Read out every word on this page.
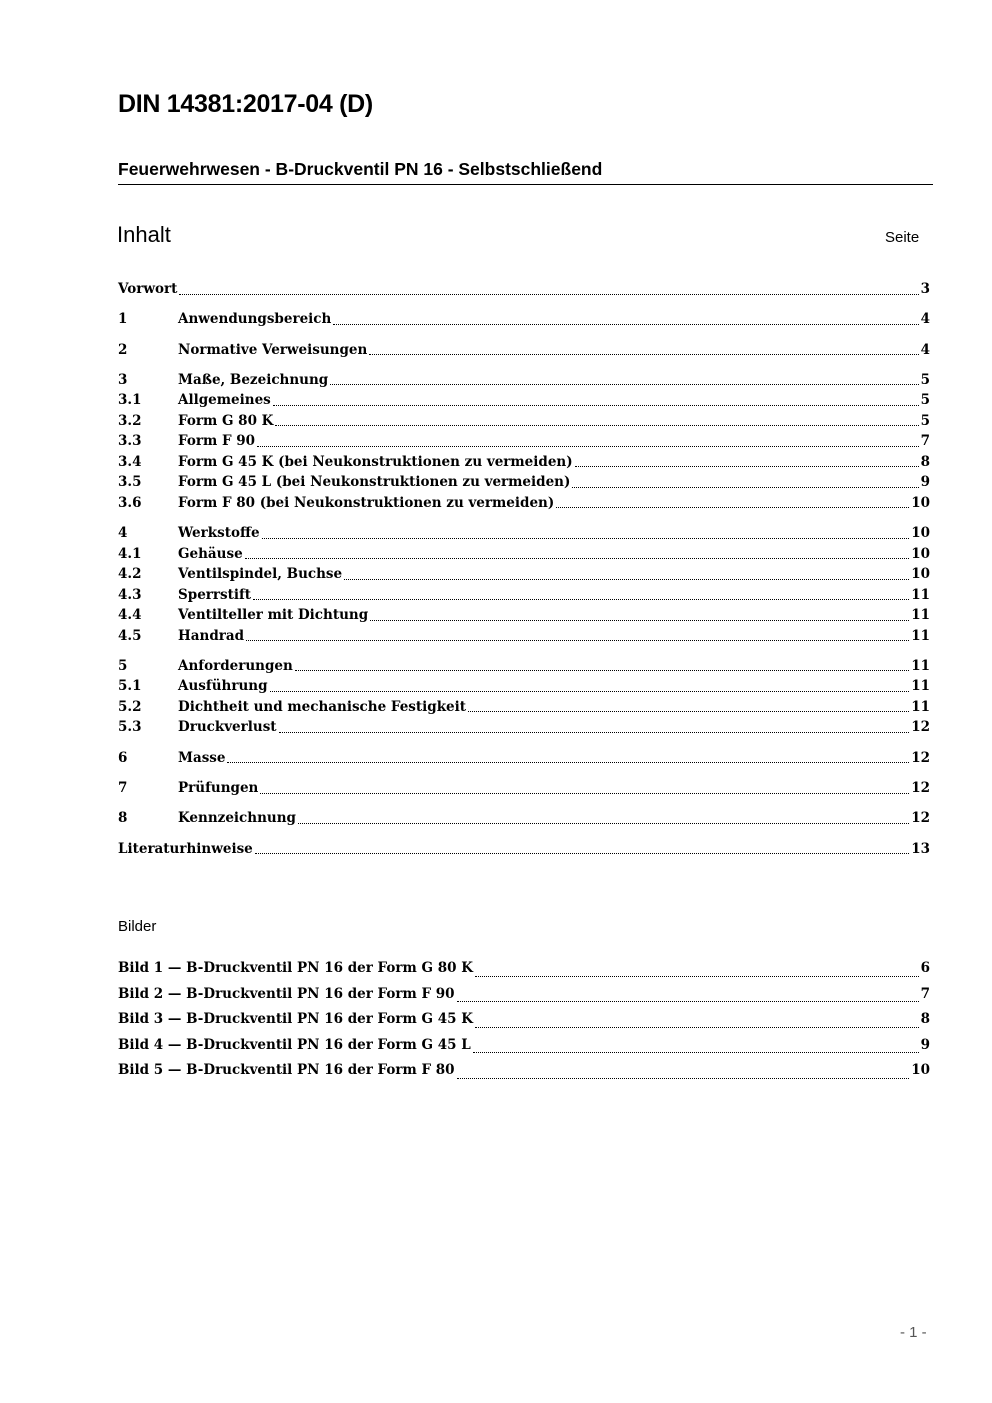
DIN 14381:2017-04 (D)
Feuerwehrwesen - B-Druckventil PN 16 - Selbstschließend
Inhalt	Seite
Vorwort	3
1	Anwendungsbereich	4
2	Normative Verweisungen	4
3	Maße, Bezeichnung	5
3.1	Allgemeines	5
3.2	Form G 80 K	5
3.3	Form F 90	7
3.4	Form G 45 K (bei Neukonstruktionen zu vermeiden)	8
3.5	Form G 45 L (bei Neukonstruktionen zu vermeiden)	9
3.6	Form F 80 (bei Neukonstruktionen zu vermeiden)	10
4	Werkstoffe	10
4.1	Gehäuse	10
4.2	Ventilspindel, Buchse	10
4.3	Sperrstift	11
4.4	Ventilteller mit Dichtung	11
4.5	Handrad	11
5	Anforderungen	11
5.1	Ausführung	11
5.2	Dichtheit und mechanische Festigkeit	11
5.3	Druckverlust	12
6	Masse	12
7	Prüfungen	12
8	Kennzeichnung	12
Literaturhinweise	13
Bilder
Bild 1 — B-Druckventil PN 16 der Form G 80 K	6
Bild 2 — B-Druckventil PN 16 der Form F 90	7
Bild 3 — B-Druckventil PN 16 der Form G 45 K	8
Bild 4 — B-Druckventil PN 16 der Form G 45 L	9
Bild 5 — B-Druckventil PN 16 der Form F 80	10
- 1 -
